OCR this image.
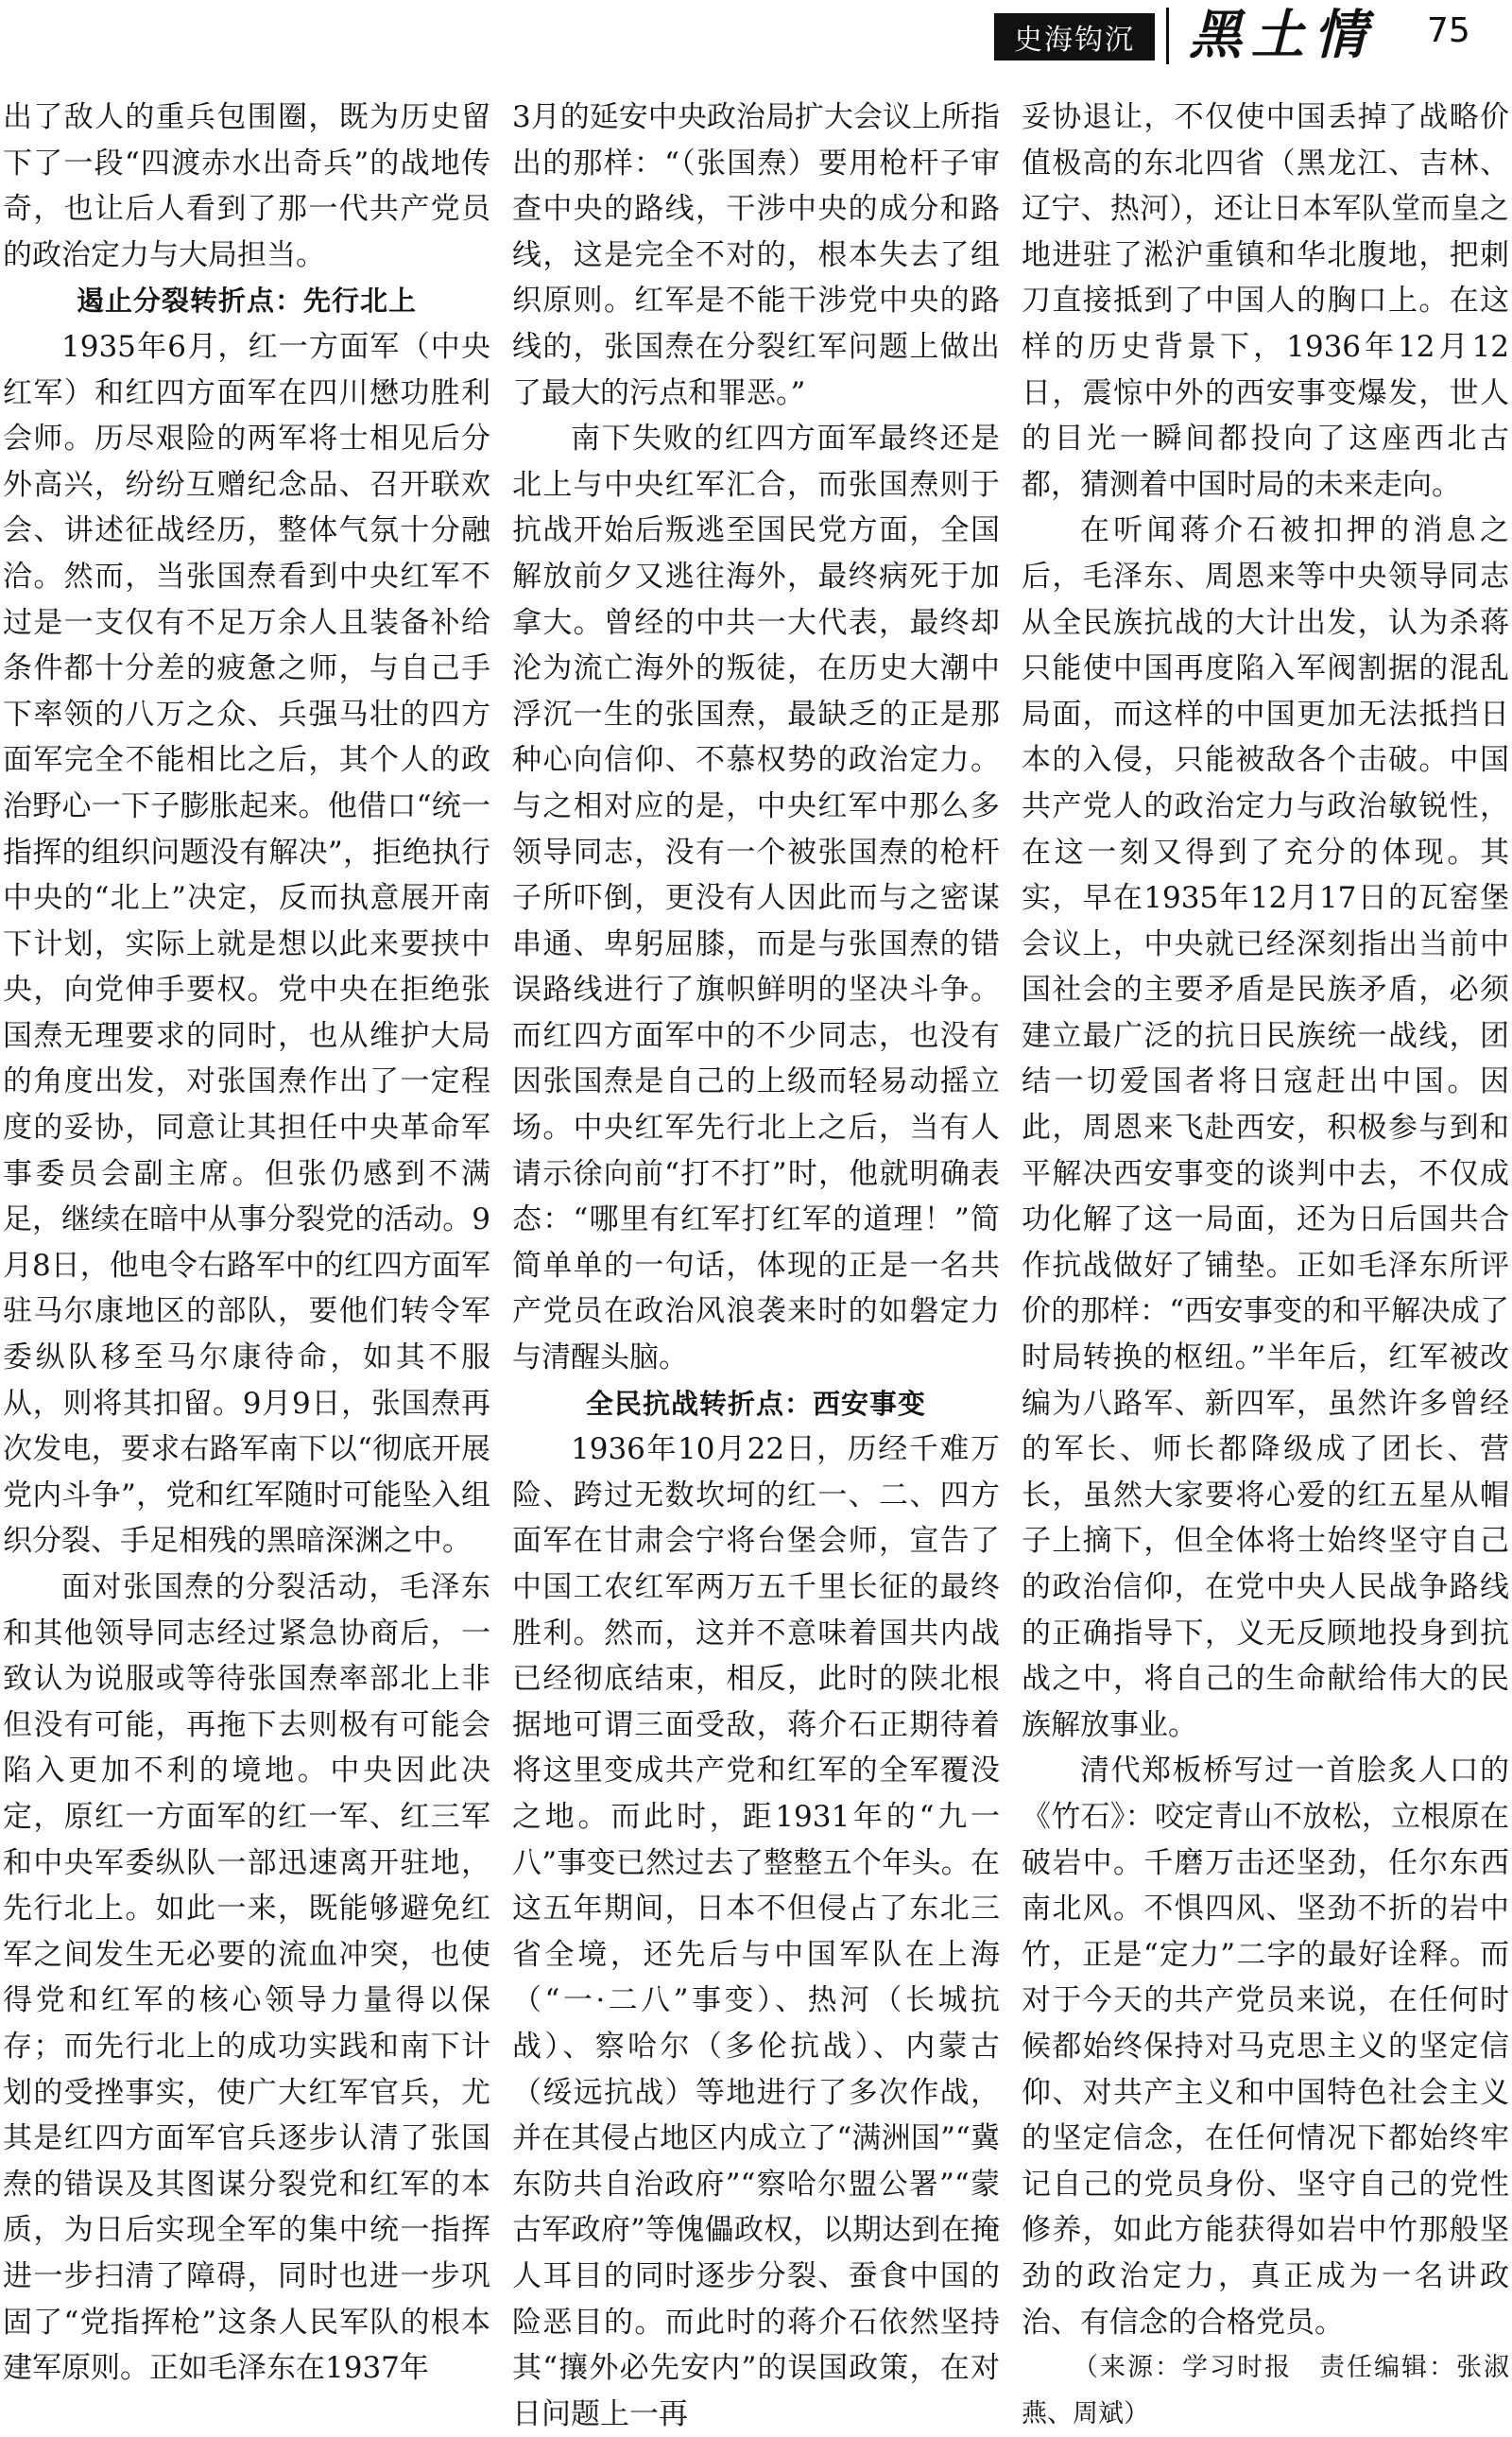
史海钩沉 黑土情	75

出了敌人的重兵包围圈，既为历史留下了一段“四渡赤水出奇兵”的战地传奇，也让后人看到了那一代共产党员的政治定力与大局担当。

遏止分裂转折点：先行北上

1935年6月，红一方面军（中央红军）和红四方面军在四川懋功胜利会师。历尽艰险的两军将士相见后分外高兴，纷纷互赠纪念品、召开联欢会、讲述征战经历，整体气氛十分融洽。然而，当张国焘看到中央红军不过是一支仅有不足万余人且装备补给条件都十分差的疲惫之师，与自己手下率领的八万之众、兵强马壮的四方面军完全不能相比之后，其个人的政治野心一下子膨胀起来。他借口“统一指挥的组织问题没有解决”，拒绝执行中央的“北上”决定，反而执意展开南下计划，实际上就是想以此来要挟中央，向党伸手要权。党中央在拒绝张国焘无理要求的同时，也从维护大局的角度出发，对张国焘作出了一定程度的妥协，同意让其担任中央革命军事委员会副主席。但张仍感到不满足，继续在暗中从事分裂党的活动。9月8日，他电令右路军中的红四方面军驻马尔康地区的部队，要他们转令军委纵队移至马尔康待命，如其不服从，则将其扣留。9月9日，张国焘再次发电，要求右路军南下以“彻底开展党内斗争”，党和红军随时可能坠入组织分裂、手足相残的黑暗深渊之中。

面对张国焘的分裂活动，毛泽东和其他领导同志经过紧急协商后，一致认为说服或等待张国焘率部北上非但没有可能，再拖下去则极有可能会陷入更加不利的境地。中央因此决定，原红一方面军的红一军、红三军和中央军委纵队一部迅速离开驻地，先行北上。如此一来，既能够避免红军之间发生无必要的流血冲突，也使得党和红军的核心领导力量得以保存；而先行北上的成功实践和南下计划的受挫事实，使广大红军官兵，尤其是红四方面军官兵逐步认清了张国焘的错误及其图谋分裂党和红军的本质，为日后实现全军的集中统一指挥进一步扫清了障碍，同时也进一步巩固了“党指挥枪”这条人民军队的根本建军原则。正如毛泽东在1937年

3月的延安中央政治局扩大会议上所指出的那样：“（张国焘）要用枪杆子审查中央的路线，干涉中央的成分和路线，这是完全不对的，根本失去了组织原则。红军是不能干涉党中央的路线的，张国焘在分裂红军问题上做出了最大的污点和罪恶。”

南下失败的红四方面军最终还是北上与中央红军汇合，而张国焘则于抗战开始后叛逃至国民党方面，全国解放前夕又逃往海外，最终病死于加拿大。曾经的中共一大代表，最终却沦为流亡海外的叛徒，在历史大潮中浮沉一生的张国焘，最缺乏的正是那种心向信仰、不慕权势的政治定力。与之相对应的是，中央红军中那么多领导同志，没有一个被张国焘的枪杆子所吓倒，更没有人因此而与之密谋串通、卑躬屈膝，而是与张国焘的错误路线进行了旗帜鲜明的坚决斗争。而红四方面军中的不少同志，也没有因张国焘是自己的上级而轻易动摇立场。中央红军先行北上之后，当有人请示徐向前“打不打”时，他就明确表态：“哪里有红军打红军的道理！”简简单单的一句话，体现的正是一名共产党员在政治风浪袭来时的如磐定力与清醒头脑。

全民抗战转折点：西安事变

1936年10月22日，历经千难万险、跨过无数坎坷的红一、二、四方面军在甘肃会宁将台堡会师，宣告了中国工农红军两万五千里长征的最终胜利。然而，这并不意味着国共内战已经彻底结束，相反，此时的陕北根据地可谓三面受敌，蒋介石正期待着将这里变成共产党和红军的全军覆没之地。而此时，距1931年的“九一八”事变已然过去了整整五个年头。在这五年期间，日本不但侵占了东北三省全境，还先后与中国军队在上海（“一·二八”事变）、热河（长城抗战）、察哈尔（多伦抗战）、内蒙古（绥远抗战）等地进行了多次作战，并在其侵占地区内成立了“满洲国”“冀东防共自治政府”“察哈尔盟公署”“蒙古军政府”等傀儡政权，以期达到在掩人耳目的同时逐步分裂、蚕食中国的险恶目的。而此时的蒋介石依然坚持其“攘外必先安内”的误国政策，在对日问题上一再

妥协退让，不仅使中国丢掉了战略价值极高的东北四省（黑龙江、吉林、辽宁、热河），还让日本军队堂而皇之地进驻了淞沪重镇和华北腹地，把刺刀直接抵到了中国人的胸口上。在这样的历史背景下，1936年12月12日，震惊中外的西安事变爆发，世人的目光一瞬间都投向了这座西北古都，猜测着中国时局的未来走向。

在听闻蒋介石被扣押的消息之后，毛泽东、周恩来等中央领导同志从全民族抗战的大计出发，认为杀蒋只能使中国再度陷入军阀割据的混乱局面，而这样的中国更加无法抵挡日本的入侵，只能被敌各个击破。中国共产党人的政治定力与政治敏锐性，在这一刻又得到了充分的体现。其实，早在1935年12月17日的瓦窑堡会议上，中央就已经深刻指出当前中国社会的主要矛盾是民族矛盾，必须建立最广泛的抗日民族统一战线，团结一切爱国者将日寇赶出中国。因此，周恩来飞赴西安，积极参与到和平解决西安事变的谈判中去，不仅成功化解了这一局面，还为日后国共合作抗战做好了铺垫。正如毛泽东所评价的那样：“西安事变的和平解决成了时局转换的枢纽。”半年后，红军被改编为八路军、新四军，虽然许多曾经的军长、师长都降级成了团长、营长，虽然大家要将心爱的红五星从帽子上摘下，但全体将士始终坚守自己的政治信仰，在党中央人民战争路线的正确指导下，义无反顾地投身到抗战之中，将自己的生命献给伟大的民族解放事业。

清代郑板桥写过一首脍炙人口的《竹石》：咬定青山不放松，立根原在破岩中。千磨万击还坚劲，任尔东西南北风。不惧四风、坚劲不折的岩中竹，正是“定力”二字的最好诠释。而对于今天的共产党员来说，在任何时候都始终保持对马克思主义的坚定信仰、对共产主义和中国特色社会主义的坚定信念，在任何情况下都始终牢记自己的党员身份、坚守自己的党性修养，如此方能获得如岩中竹那般坚劲的政治定力，真正成为一名讲政治、有信念的合格党员。

（来源：学习时报　责任编辑：张淑燕、周斌）
